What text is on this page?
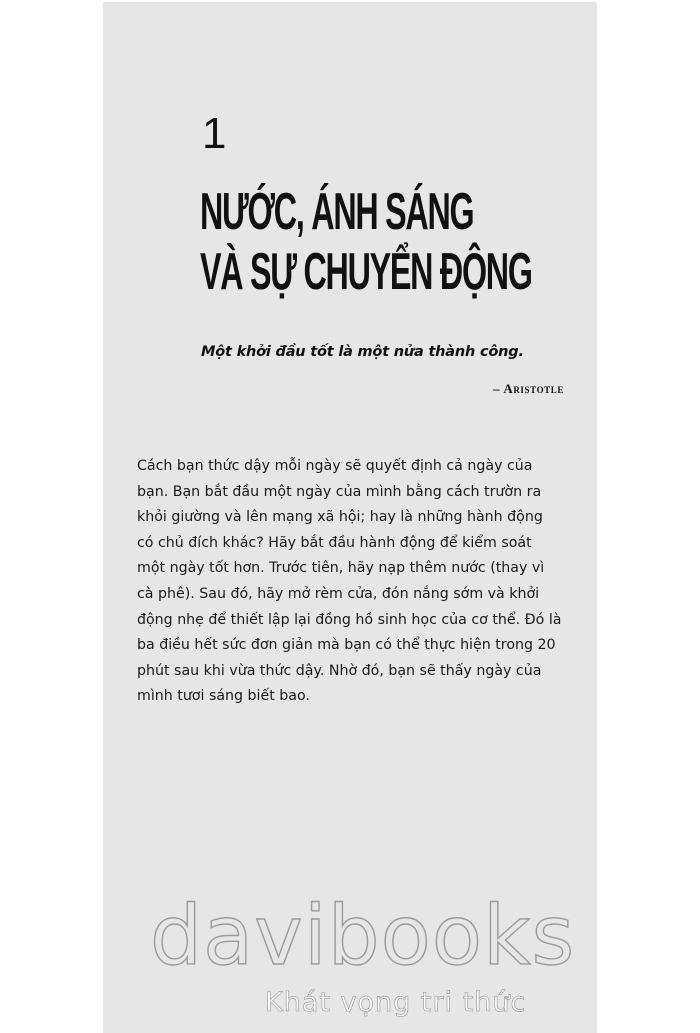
1
NƯỚC, ÁNH SÁNG
VÀ SỰ CHUYỂN ĐỘNG
Một khởi đầu tốt là một nửa thành công.
– Aristotle

Cách bạn thức dậy mỗi ngày sẽ quyết định cả ngày của
bạn. Bạn bắt đầu một ngày của mình bằng cách trườn ra
khỏi giường và lên mạng xã hội; hay là những hành động
có chủ đích khác? Hãy bắt đầu hành động để kiểm soát
một ngày tốt hơn. Trước tiên, hãy nạp thêm nước (thay vì
cà phê). Sau đó, hãy mở rèm cửa, đón nắng sớm và khởi
động nhẹ để thiết lập lại đồng hồ sinh học của cơ thể. Đó là
ba điều hết sức đơn giản mà bạn có thể thực hiện trong 20
phút sau khi vừa thức dậy. Nhờ đó, bạn sẽ thấy ngày của
mình tươi sáng biết bao.

davibooks
Khát vọng tri thức
